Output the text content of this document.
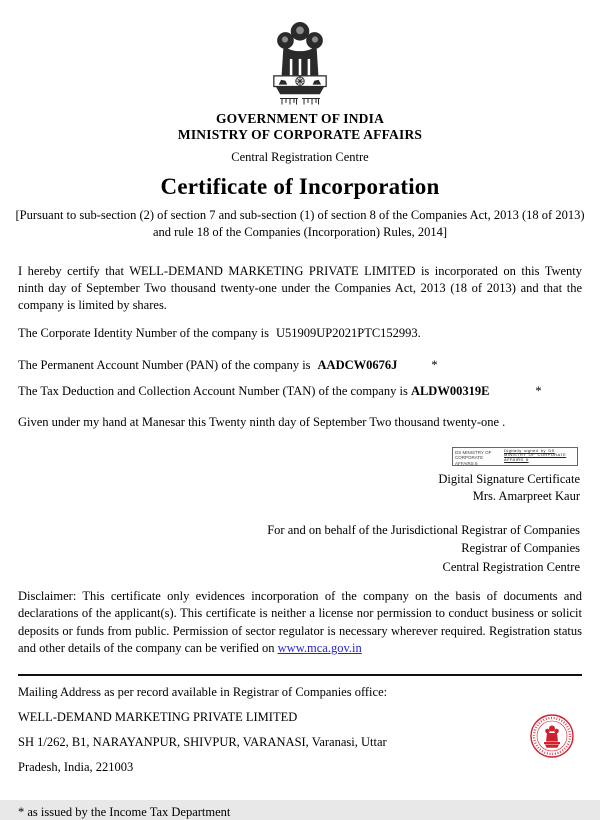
GOVERNMENT OF INDIA
MINISTRY OF CORPORATE AFFAIRS
Central Registration Centre
Certificate of Incorporation
[Pursuant to sub-section (2) of section 7 and sub-section (1) of section 8 of the Companies Act, 2013 (18 of 2013) and rule 18 of the Companies (Incorporation) Rules, 2014]
I hereby certify that WELL-DEMAND MARKETING PRIVATE LIMITED is incorporated on this Twenty ninth day of September Two thousand twenty-one under the Companies Act, 2013 (18 of 2013) and that the company is limited by shares.
The Corporate Identity Number of the company is U51909UP2021PTC152993.
The Permanent Account Number (PAN) of the company is AADCW0676J	*
The Tax Deduction and Collection Account Number (TAN) of the company is ALDW00319E	*
Given under my hand at Manesar this Twenty ninth day of September Two thousand twenty-one .
DS MINISTRY OF CORPORATE AFFAIRS 6
Digitally signed by DS MINISTRY OF CORPORATE AFFAIRS 6
Digital Signature Certificate
Mrs. Amarpreet Kaur
For and on behalf of the Jurisdictional Registrar of Companies
Registrar of Companies
Central Registration Centre
Disclaimer: This certificate only evidences incorporation of the company on the basis of documents and declarations of the applicant(s). This certificate is neither a license nor permission to conduct business or solicit deposits or funds from public. Permission of sector regulator is necessary wherever required. Registration status and other details of the company can be verified on www.mca.gov.in

Mailing Address as per record available in Registrar of Companies office:

WELL-DEMAND MARKETING PRIVATE LIMITED

SH 1/262, B1, NARAYANPUR, SHIVPUR, VARANASI, Varanasi, Uttar

Pradesh, India, 221003

* as issued by the Income Tax Department
